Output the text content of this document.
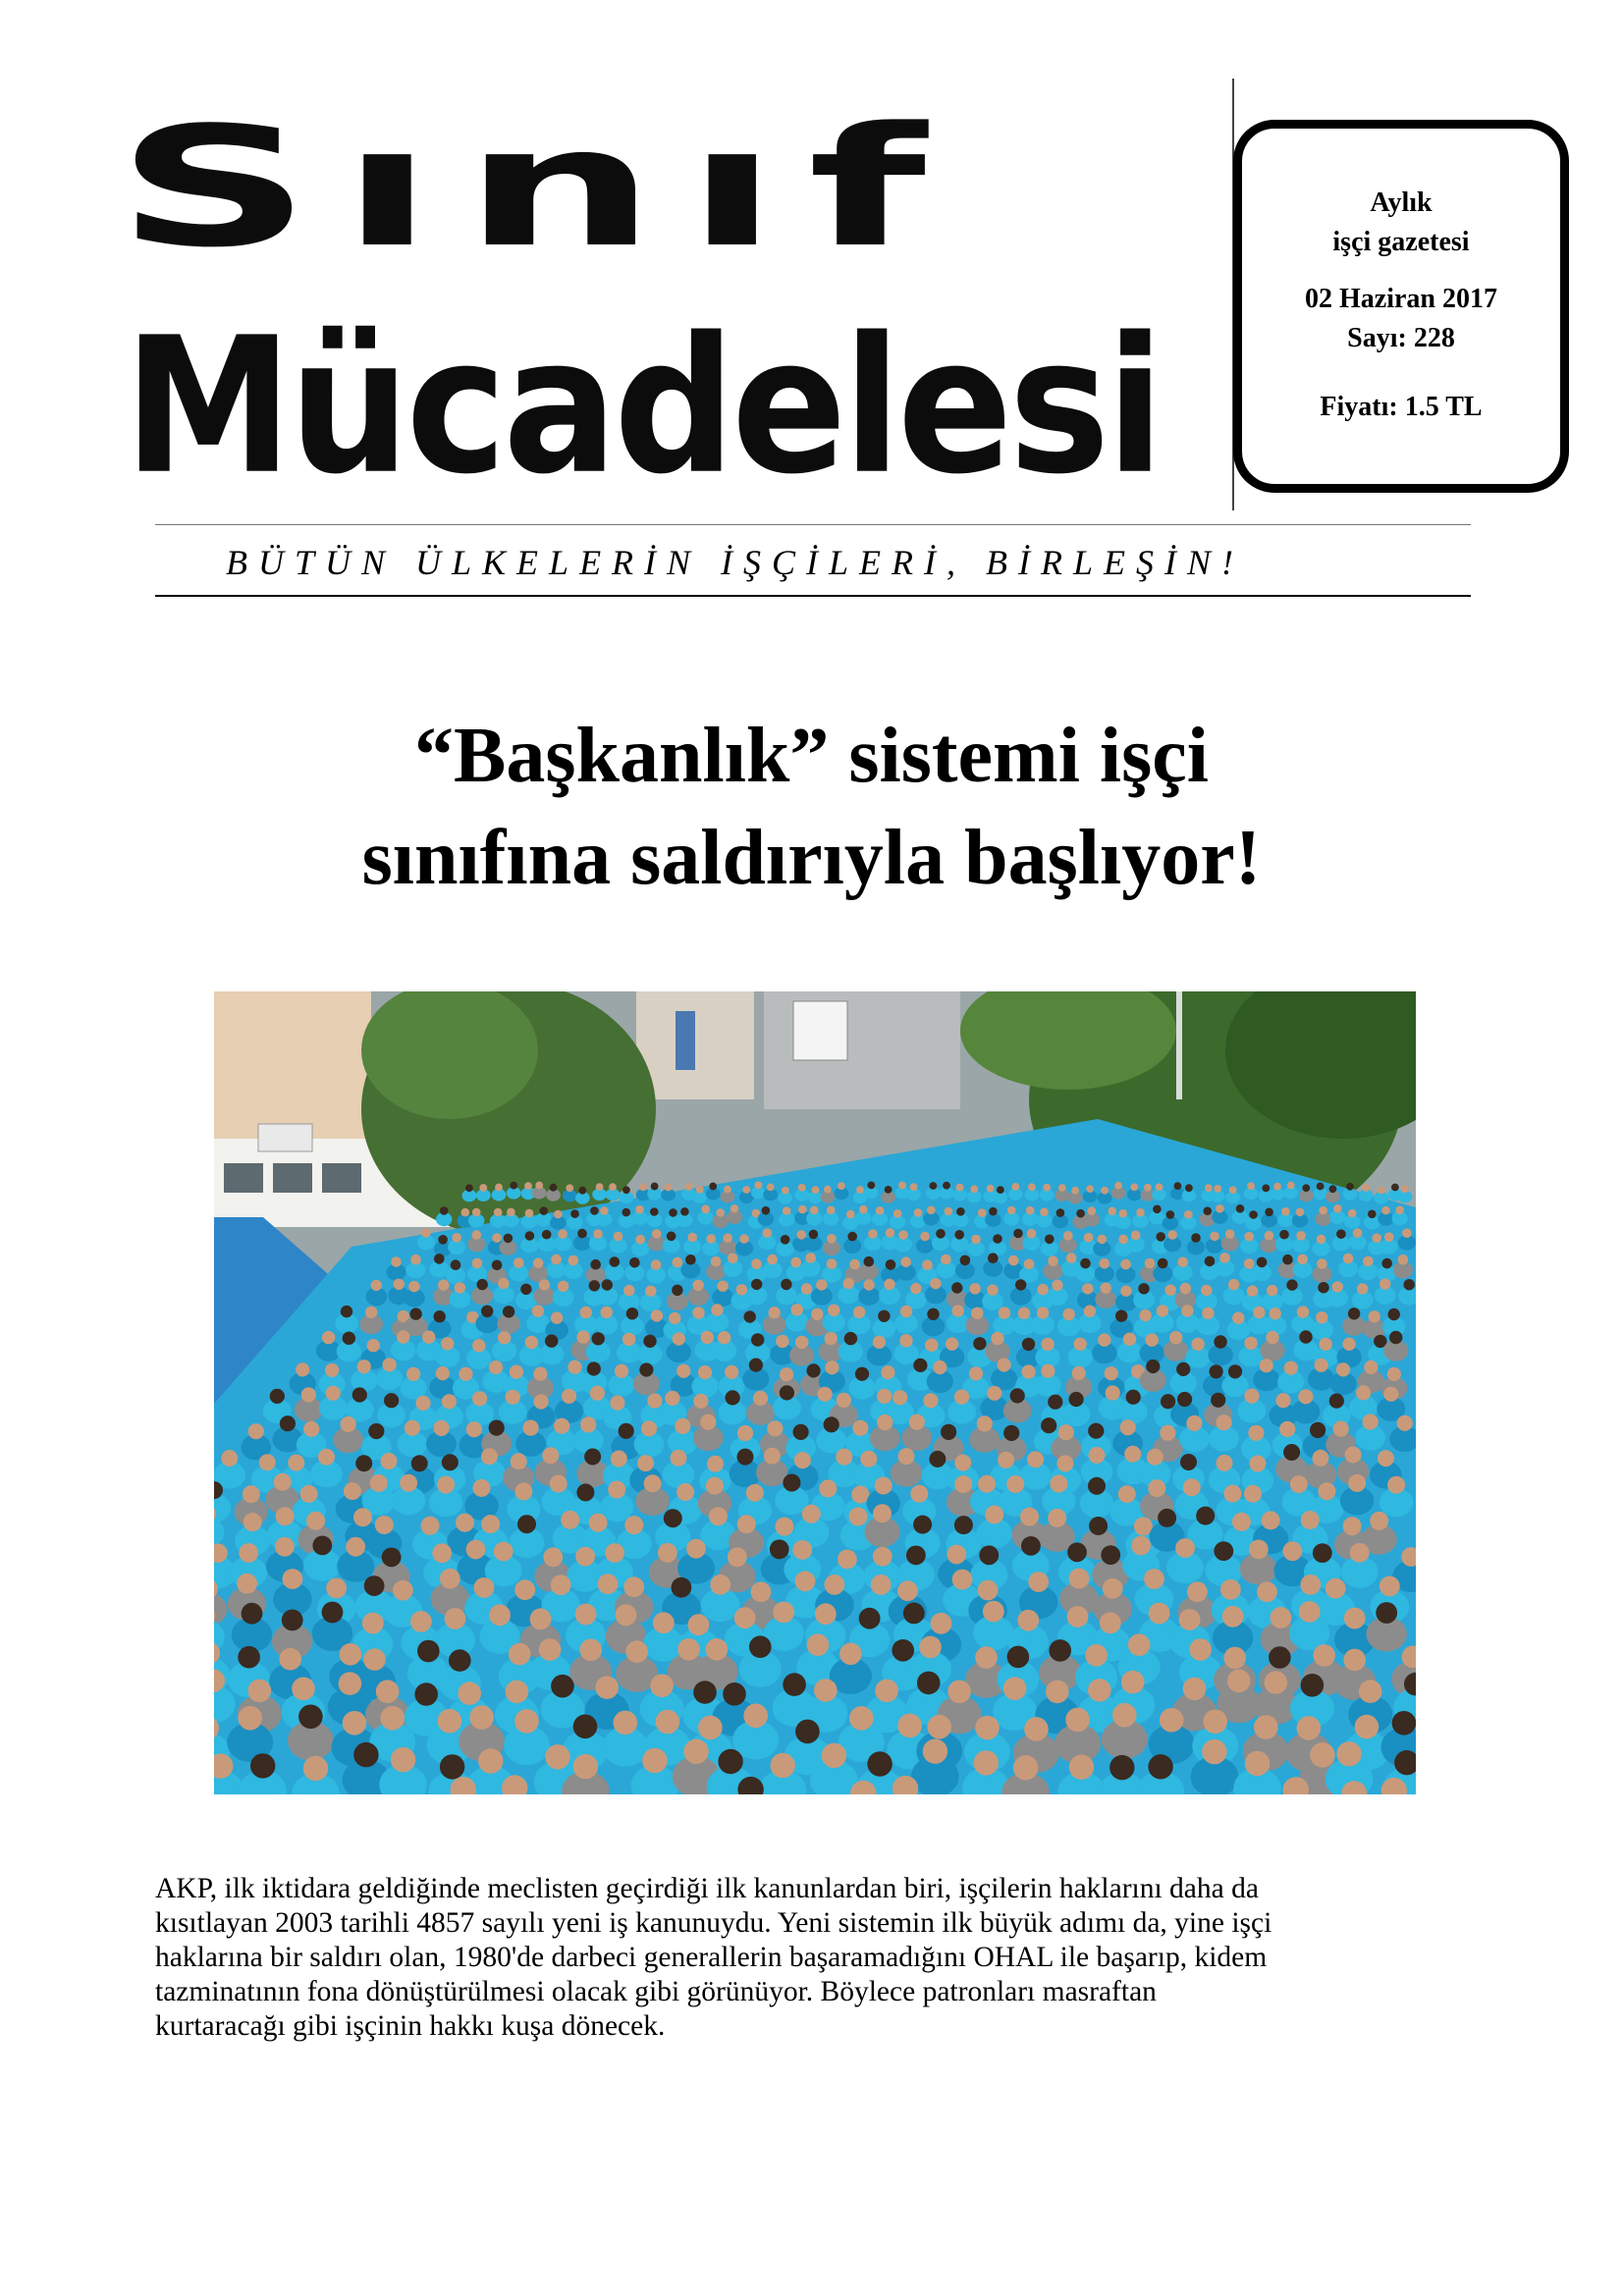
Sınıf
Mücadelesi
Aylık
işçi gazetesi
02 Haziran 2017
Sayı: 228
Fiyatı: 1.5 TL
BÜTÜN ÜLKELERİN İŞÇİLERİ, BİRLEŞİN!
“Başkanlık” sistemi işçi
sınıfına saldırıyla başlıyor!
AKP, ilk iktidara geldiğinde meclisten geçirdiği ilk kanunlardan biri, işçilerin haklarını daha da
kısıtlayan 2003 tarihli 4857 sayılı yeni iş kanunuydu. Yeni sistemin ilk büyük adımı da, yine işçi
haklarına bir saldırı olan, 1980'de darbeci generallerin başaramadığını OHAL ile başarıp, kidem
tazminatının fona dönüştürülmesi olacak gibi görünüyor. Böylece patronları masraftan
kurtaracağı gibi işçinin hakkı kuşa dönecek.
